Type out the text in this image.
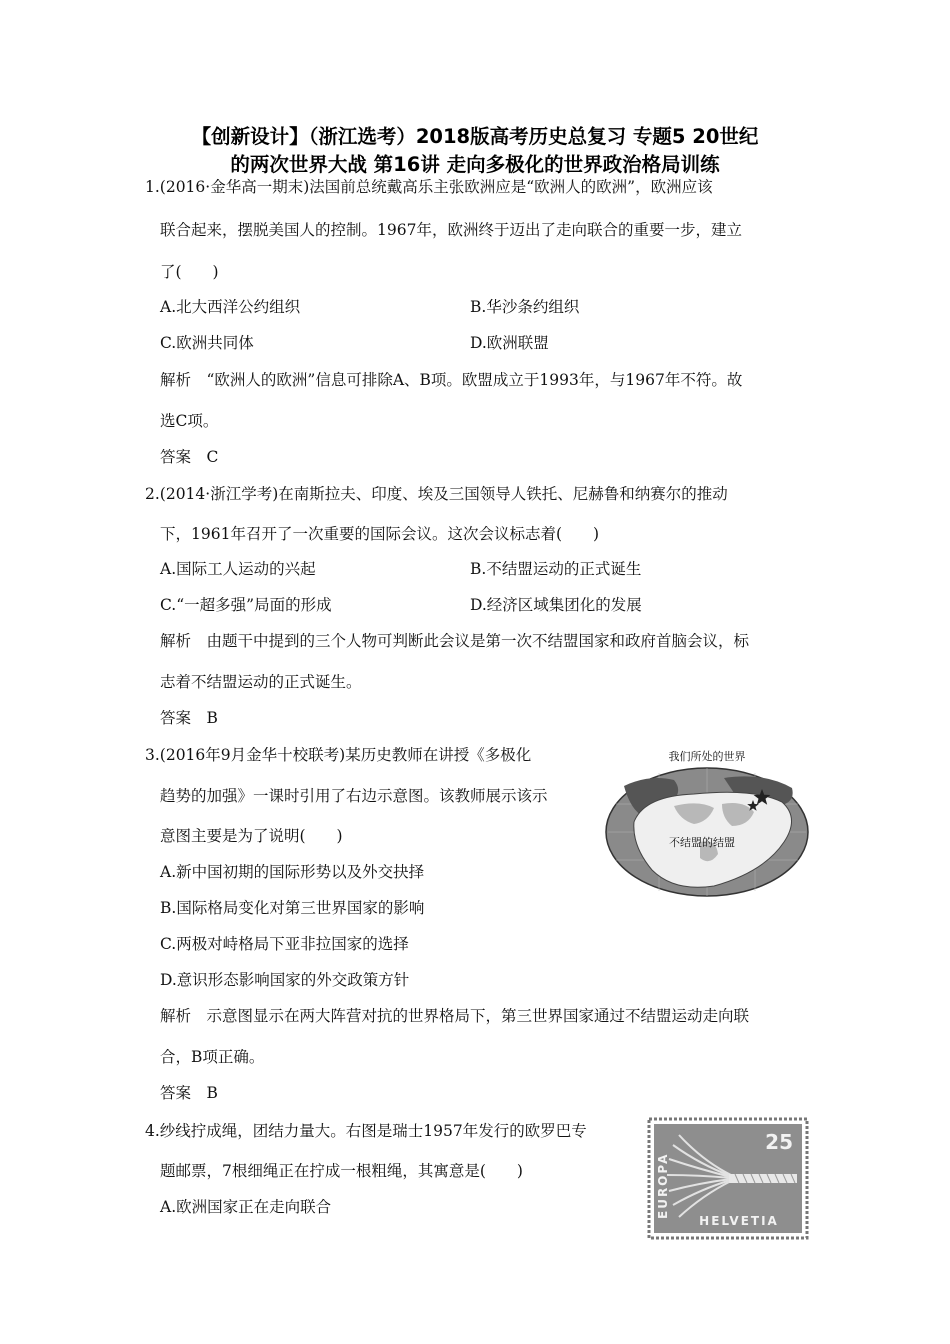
【创新设计】（浙江选考）2018版高考历史总复习 专题5 20世纪
的两次世界大战 第16讲 走向多极化的世界政治格局训练
1.(2016·金华高一期末)法国前总统戴高乐主张欧洲应是“欧洲人的欧洲”，欧洲应该
联合起来，摆脱美国人的控制。1967年，欧洲终于迈出了走向联合的重要一步，建立
了(　　)
A.北大西洋公约组织	B.华沙条约组织
C.欧洲共同体	D.欧洲联盟
解析　“欧洲人的欧洲”信息可排除A、B项。欧盟成立于1993年，与1967年不符。故
选C项。
答案　C
2.(2014·浙江学考)在南斯拉夫、印度、埃及三国领导人铁托、尼赫鲁和纳赛尔的推动
下，1961年召开了一次重要的国际会议。这次会议标志着(　　)
A.国际工人运动的兴起	B.不结盟运动的正式诞生
C.“一超多强”局面的形成	D.经济区域集团化的发展
解析　由题干中提到的三个人物可判断此会议是第一次不结盟国家和政府首脑会议，标
志着不结盟运动的正式诞生。
答案　B
3.(2016年9月金华十校联考)某历史教师在讲授《多极化
趋势的加强》一课时引用了右边示意图。该教师展示该示
意图主要是为了说明(　　)
A.新中国初期的国际形势以及外交抉择
B.国际格局变化对第三世界国家的影响
C.两极对峙格局下亚非拉国家的选择
D.意识形态影响国家的外交政策方针
解析　示意图显示在两大阵营对抗的世界格局下，第三世界国家通过不结盟运动走向联
合，B项正确。
答案　B
我们所处的世界
不结盟的结盟
4.纱线拧成绳，团结力量大。右图是瑞士1957年发行的欧罗巴专
题邮票，7根细绳正在拧成一根粗绳，其寓意是(　　)
A.欧洲国家正在走向联合
25
EUROPA
HELVETIA
